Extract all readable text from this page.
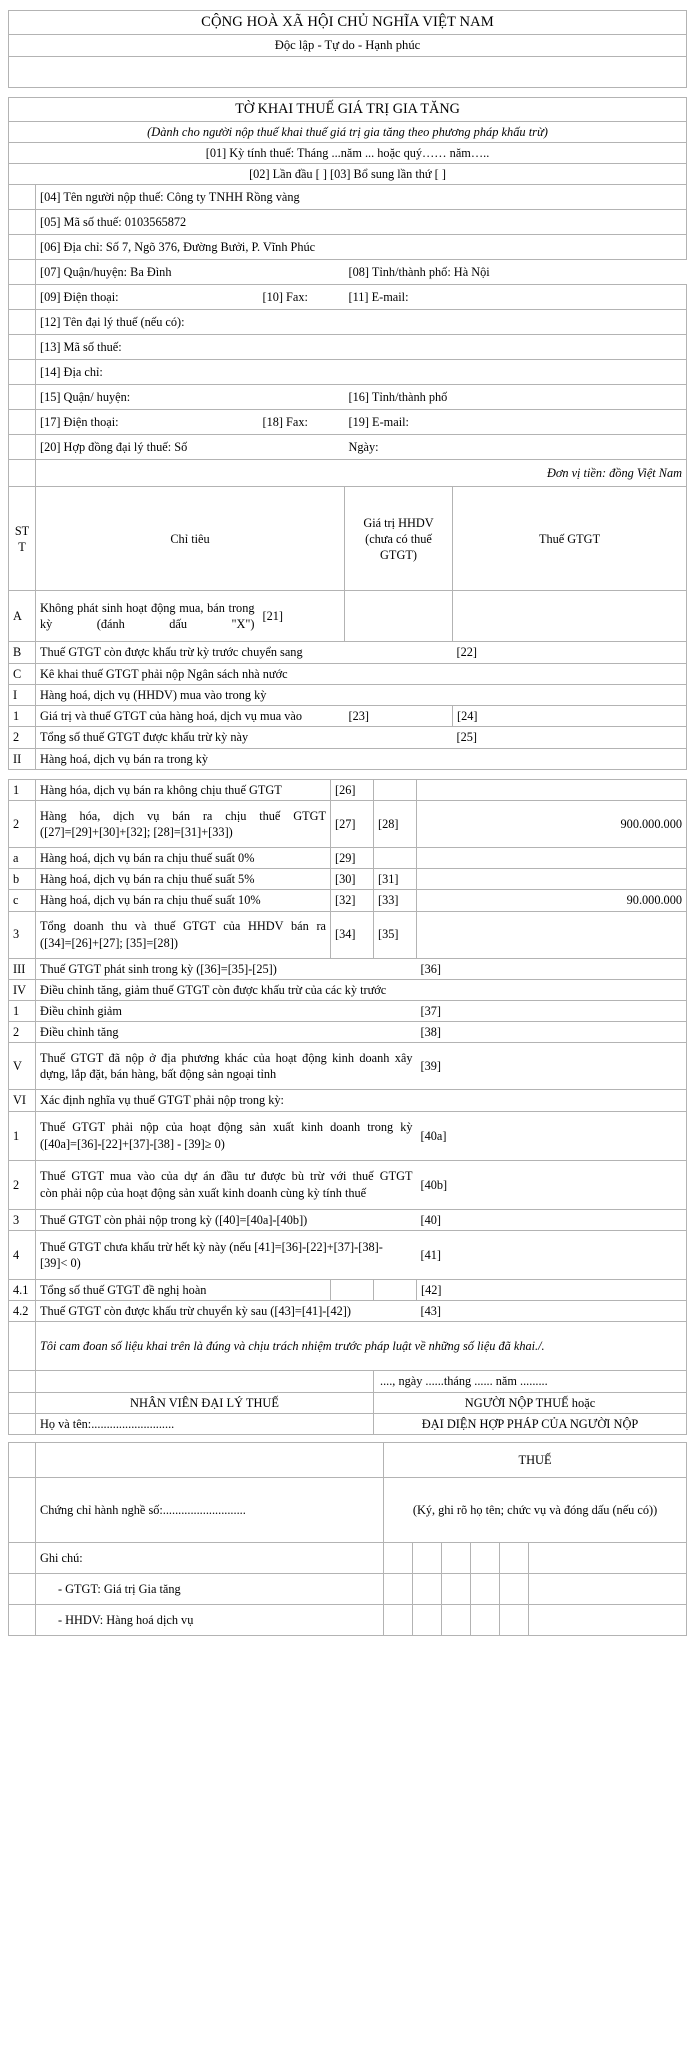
CỘNG HOÀ XÃ HỘI CHỦ NGHĨA VIỆT NAM
Độc lập - Tự do - Hạnh phúc

TỜ KHAI THUẾ GIÁ TRỊ GIA TĂNG				
(Dành cho người nộp thuế khai thuế giá trị gia tăng theo phương pháp khấu trừ)				
[01] Kỳ tính thuế: Tháng ...năm ... hoặc quý…… năm…..				
[02] Lần đầu [ ] [03] Bổ sung lần thứ [ ]				
	[04] Tên người nộp thuế: Công ty TNHH Rồng vàng			
	[05] Mã số thuế: 0103565872			
	[06] Địa chỉ: Số 7, Ngõ 376, Đường Bưởi, P. Vĩnh Phúc			
	[07] Quận/huyện: Ba Đình		[08] Tỉnh/thành phố: Hà Nội	
	[09] Điện thoại:	[10] Fax:	[11] E-mail:	
	[12] Tên đại lý thuế (nếu có):			
	[13] Mã số thuế:			
	[14] Địa chỉ:			
	[15] Quận/ huyện:		[16] Tỉnh/thành phố	
	[17] Điện thoại:	[18] Fax:	[19] E-mail:	
	[20] Hợp đồng đại lý thuế: Số		Ngày:	
	Đơn vị tiền: đồng Việt Nam			
STT	Chỉ tiêu		Giá trị HHDV (chưa có thuế GTGT)	Thuế GTGT
A	Không phát sinh hoạt động mua, bán trong kỳ (đánh dấu "X")	[21]		
B	Thuế GTGT còn được khấu trừ kỳ trước chuyển sang			[22]
C	Kê khai thuế GTGT phải nộp Ngân sách nhà nước			
I	Hàng hoá, dịch vụ (HHDV) mua vào trong kỳ			
1	Giá trị và thuế GTGT của hàng hoá, dịch vụ mua vào		[23]	[24]
2	Tổng số thuế GTGT được khấu trừ kỳ này			[25]
II	Hàng hoá, dịch vụ bán ra trong kỳ			
1	Hàng hóa, dịch vụ bán ra không chịu thuế GTGT	[26]		
2	Hàng hóa, dịch vụ bán ra chịu thuế GTGT
([27]=[29]+[30]+[32]; [28]=[31]+[33])	[27]	[28]	900.000.000
a	Hàng hoá, dịch vụ bán ra chịu thuế suất 0%	[29]		
b	Hàng hoá, dịch vụ bán ra chịu thuế suất 5%	[30]	[31]	
c	Hàng hoá, dịch vụ bán ra chịu thuế suất 10%	[32]	[33]	90.000.000
3	Tổng doanh thu và thuế GTGT của HHDV bán ra
([34]=[26]+[27]; [35]=[28])	[34]	[35]	
III	Thuế GTGT phát sinh trong kỳ ([36]=[35]-[25])			[36]
IV	Điều chỉnh tăng, giảm thuế GTGT còn được khấu trừ của các kỳ trước			
1	Điều chỉnh giảm			[37]
2	Điều chỉnh tăng			[38]
V	Thuế GTGT đã nộp ở địa phương khác của hoạt động kinh doanh xây dựng, lắp đặt, bán hàng, bất động sản ngoại tỉnh			[39]
VI	Xác định nghĩa vụ thuế GTGT phải nộp trong kỳ:			
1	Thuế GTGT phải nộp của hoạt động sản xuất kinh doanh trong kỳ
([40a]=[36]-[22]+[37]-[38] - [39]≥ 0)			[40a]
2	Thuế GTGT mua vào của dự án đầu tư được bù trừ với thuế GTGT
còn phải nộp của hoạt động sản xuất kinh doanh cùng kỳ tính thuế			[40b]
3	Thuế GTGT còn phải nộp trong kỳ ([40]=[40a]-[40b])			[40]
4	Thuế GTGT chưa khấu trừ hết kỳ này (nếu [41]=[36]-[22]+[37]-[38]-
[39]< 0)			[41]
4.1	Tổng số thuế GTGT đề nghị hoàn			[42]
4.2	Thuế GTGT còn được khấu trừ chuyển kỳ sau ([43]=[41]-[42])			[43]
	Tôi cam đoan số liệu khai trên là đúng và chịu trách nhiệm trước pháp luật về những số liệu đã khai./.			
			...., ngày ......tháng ...... năm .........	
	NHÂN VIÊN ĐẠI LÝ THUẾ		NGƯỜI NỘP THUẾ hoặc	
	Họ và tên:...........................		ĐẠI DIỆN HỢP PHÁP CỦA NGƯỜI NỘP	
		THUẾ					
	Chứng chỉ hành nghề số:...........................	(Ký, ghi rõ họ tên; chức vụ và đóng dấu (nếu có))					
	Ghi chú:						
	- GTGT: Giá trị Gia tăng						
	- HHDV: Hàng hoá dịch vụ						
